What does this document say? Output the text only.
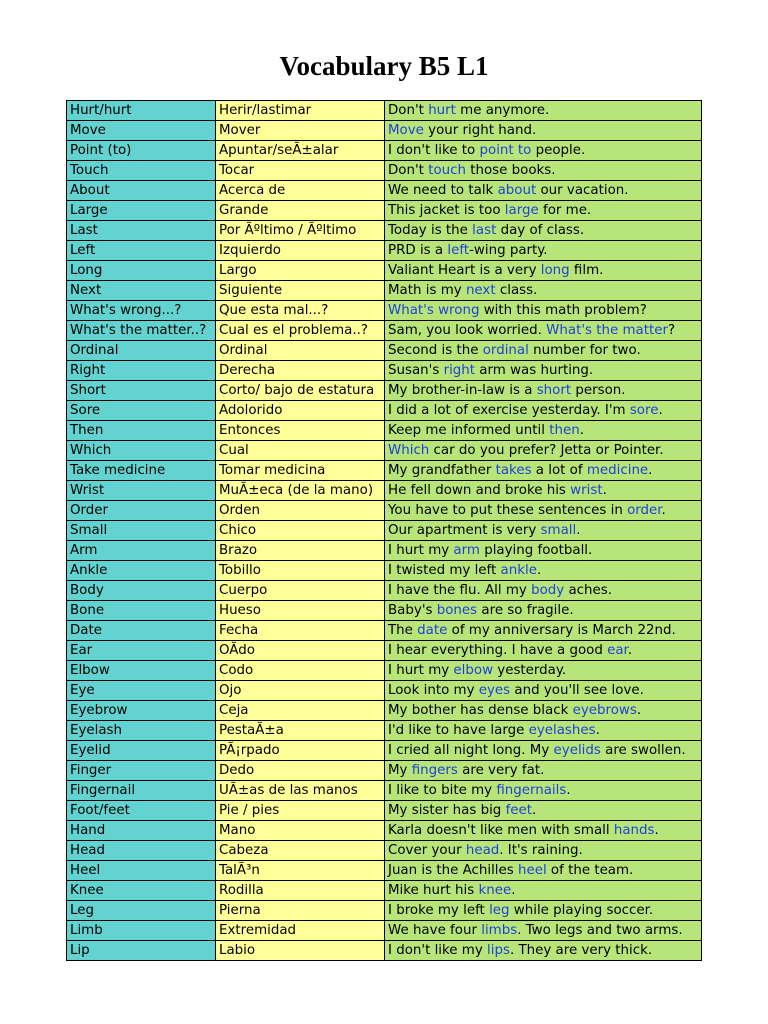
Vocabulary B5 L1
Hurt/hurt	Herir/lastimar	Don't hurt me anymore.
Move	Mover	Move your right hand.
Point (to)	Apuntar/seÃ±alar	I don't like to point to people.
Touch	Tocar	Don't touch those books.
About	Acerca de	We need to talk about our vacation.
Large	Grande	This jacket is too large for me.
Last	Por Ãºltimo / Ãºltimo	Today is the last day of class.
Left	Izquierdo	PRD is a left-wing party.
Long	Largo	Valiant Heart is a very long film.
Next	Siguiente	Math is my next class.
What's wrong...?	Que esta mal...?	What's wrong with this math problem?
What's the matter..?	Cual es el problema..?	Sam, you look worried. What's the matter?
Ordinal	Ordinal	Second is the ordinal number for two.
Right	Derecha	Susan's right arm was hurting.
Short	Corto/ bajo de estatura	My brother-in-law is a short person.
Sore	Adolorido	I did a lot of exercise yesterday. I'm sore.
Then	Entonces	Keep me informed until then.
Which	Cual	Which car do you prefer? Jetta or Pointer.
Take medicine	Tomar medicina	My grandfather takes a lot of medicine.
Wrist	MuÃ±eca (de la mano)	He fell down and broke his wrist.
Order	Orden	You have to put these sentences in order.
Small	Chico	Our apartment is very small.
Arm	Brazo	I hurt my arm playing football.
Ankle	Tobillo	I twisted my left ankle.
Body	Cuerpo	I have the flu. All my body aches.
Bone	Hueso	Baby's bones are so fragile.
Date	Fecha	The date of my anniversary is March 22nd.
Ear	OÃdo	I hear everything. I have a good ear.
Elbow	Codo	I hurt my elbow yesterday.
Eye	Ojo	Look into my eyes and you'll see love.
Eyebrow	Ceja	My bother has dense black eyebrows.
Eyelash	PestaÃ±a	I'd like to have large eyelashes.
Eyelid	PÃ¡rpado	I cried all night long. My eyelids are swollen.
Finger	Dedo	My fingers are very fat.
Fingernail	UÃ±as de las manos	I like to bite my fingernails.
Foot/feet	Pie / pies	My sister has big feet.
Hand	Mano	Karla doesn't like men with small hands.
Head	Cabeza	Cover your head. It's raining.
Heel	TalÃ³n	Juan is the Achilles heel of the team.
Knee	Rodilla	Mike hurt his knee.
Leg	Pierna	I broke my left leg while playing soccer.
Limb	Extremidad	We have four limbs. Two legs and two arms.
Lip	Labio	I don't like my lips. They are very thick.
